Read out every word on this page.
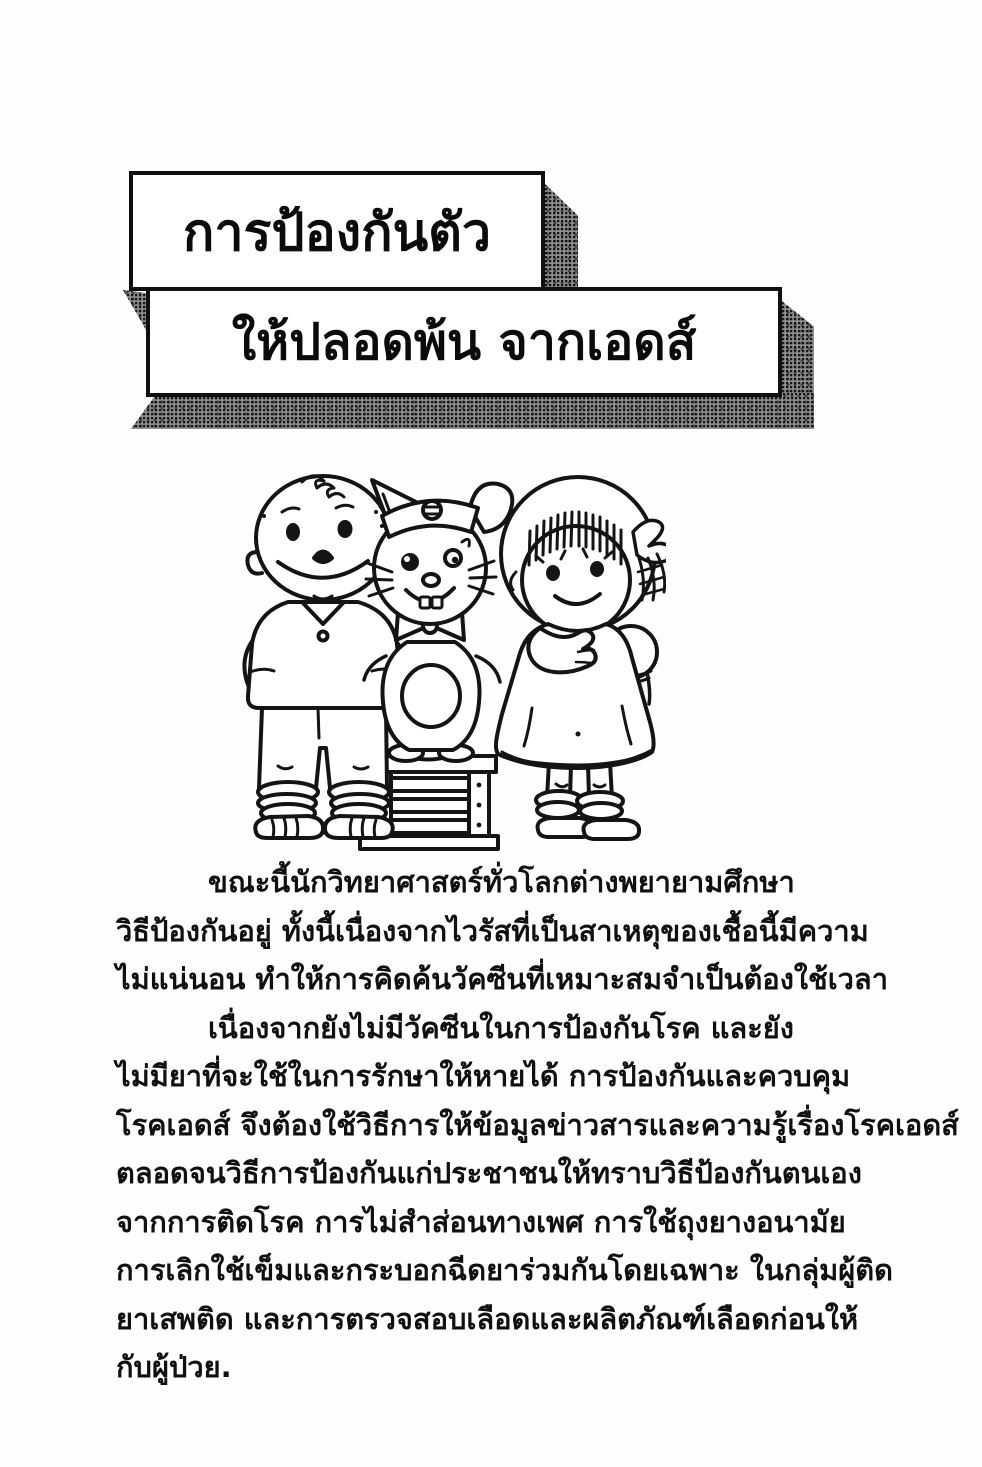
การป้องกันตัว
ให้ปลอดพ้น จากเอดส์
ขณะนี้นักวิทยาศาสตร์ทั่วโลกต่างพยายามศึกษา
วิธีป้องกันอยู่ ทั้งนี้เนื่องจากไวรัสที่เป็นสาเหตุของเชื้อนี้มีความ
ไม่แน่นอน ทำให้การคิดค้นวัคซีนที่เหมาะสมจำเป็นต้องใช้เวลา
เนื่องจากยังไม่มีวัคซีนในการป้องกันโรค และยัง
ไม่มียาที่จะใช้ในการรักษาให้หายได้ การป้องกันและควบคุม
โรคเอดส์ จึงต้องใช้วิธีการให้ข้อมูลข่าวสารและความรู้เรื่องโรคเอดส์
ตลอดจนวิธีการป้องกันแก่ประชาชนให้ทราบวิธีป้องกันตนเอง
จากการติดโรค การไม่สำส่อนทางเพศ การใช้ถุงยางอนามัย
การเลิกใช้เข็มและกระบอกฉีดยาร่วมกันโดยเฉพาะ ในกลุ่มผู้ติด
ยาเสพติด และการตรวจสอบเลือดและผลิตภัณฑ์เลือดก่อนให้
กับผู้ป่วย.
